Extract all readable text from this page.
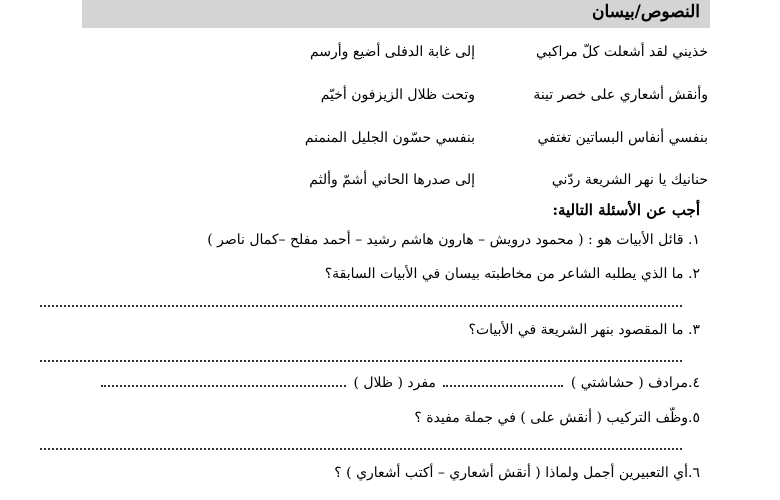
النصوص/بيسان
خذيني لقد أشعلت كلّ مراكبي
إلى غابة الدفلى أضيع وأرسم
وأنقش أشعاري على خصر تينة
وتحت ظلال الزيزفون أخيّم
بنفسي أنفاس البساتين تغتفي
بنفسي حسّون الجليل المنمنم
حنانيك يا نهر الشريعة ردّني
إلى صدرها الحاني أشمّ وألثم
أجب عن الأسئلة التالية:
١. قائل الأبيات هو : ( محمود درويش – هارون هاشم رشيد – أحمد مفلح –كمال ناصر )
٢. ما الذي يطلبه الشاعر من مخاطبته بيسان في الأبيات السابقة؟
٣. ما المقصود بنهر الشريعة في الأبيات؟
٤.مرادف ( حشاشتي )  مفرد ( ظلال )
٥.وظّف التركيب ( أنقش على ) في جملة مفيدة ؟
٦.أي التعبيرين أجمل ولماذا ( أنقش أشعاري – أكتب أشعاري ) ؟
